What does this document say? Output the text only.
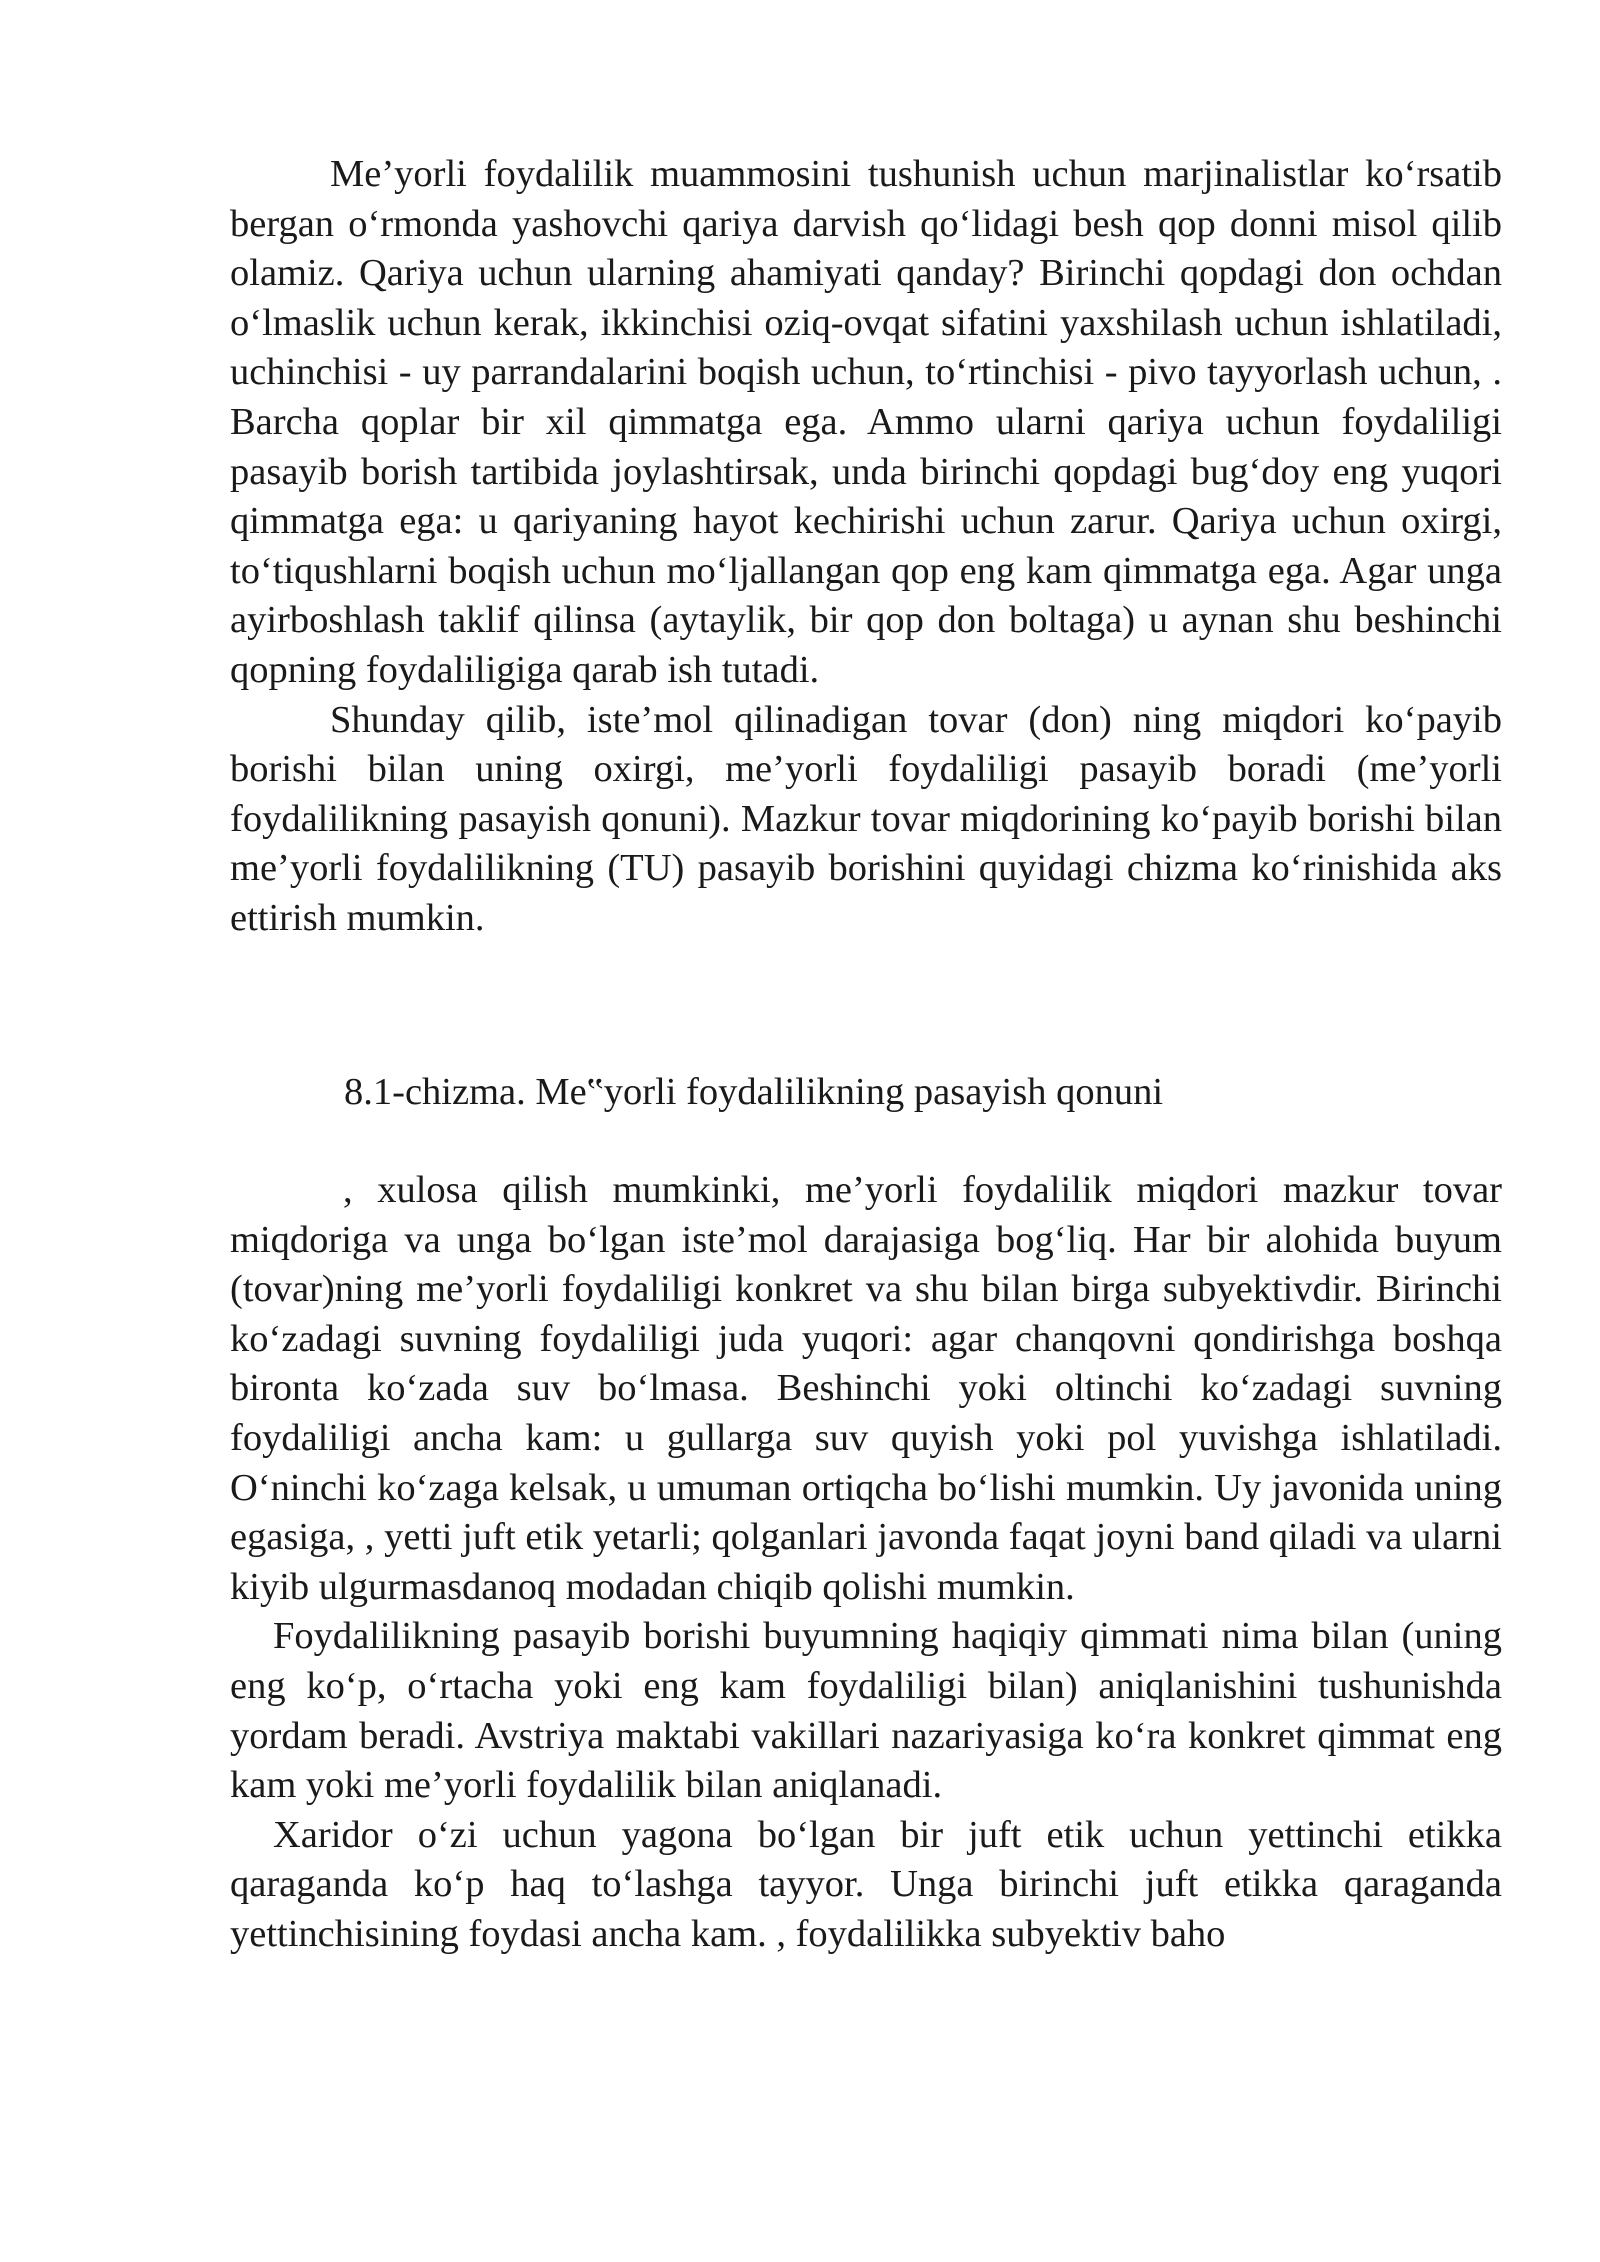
Me’yorli foydalilik muammosini tushunish uchun marjinalistlar ko‘rsatib bergan o‘rmonda yashovchi qariya darvish qo‘lidagi besh qop donni misol qilib olamiz. Qariya uchun ularning ahamiyati qanday? Birinchi qopdagi don ochdan o‘lmaslik uchun kerak, ikkinchisi oziq-ovqat sifatini yaxshilash uchun ishlatiladi, uchinchisi - uy parrandalarini boqish uchun, to‘rtinchisi - pivo tayyorlash uchun, . Barcha qoplar bir xil qimmatga ega. Ammo ularni qariya uchun foydaliligi pasayib borish tartibida joylashtirsak, unda birinchi qopdagi bug‘doy eng yuqori qimmatga ega: u qariyaning hayot kechirishi uchun zarur. Qariya uchun oxirgi, to‘tiqushlarni boqish uchun mo‘ljallangan qop eng kam qimmatga ega. Agar unga ayirboshlash taklif qilinsa (aytaylik, bir qop don boltaga) u aynan shu beshinchi qopning foydaliligiga qarab ish tutadi.

Shunday qilib, iste’mol qilinadigan tovar (don) ning miqdori ko‘payib borishi bilan uning oxirgi, me’yorli foydaliligi pasayib boradi (me’yorli foydalilikning pasayish qonuni). Mazkur tovar miqdorining ko‘payib borishi bilan me’yorli foydalilikning (TU) pasayib borishini quyidagi chizma ko‘rinishida aks ettirish mumkin.

8.1-chizma. Me‟yorli foydalilikning pasayish qonuni

, xulosa qilish mumkinki, me’yorli foydalilik miqdori mazkur tovar miqdoriga va unga bo‘lgan iste’mol darajasiga bog‘liq. Har bir alohida buyum (tovar)ning me’yorli foydaliligi konkret va shu bilan birga subyektivdir. Birinchi ko‘zadagi suvning foydaliligi juda yuqori: agar chanqovni qondirishga boshqa bironta ko‘zada suv bo‘lmasa. Beshinchi yoki oltinchi ko‘zadagi suvning foydaliligi ancha kam: u gullarga suv quyish yoki pol yuvishga ishlatiladi. O‘ninchi ko‘zaga kelsak, u umuman ortiqcha bo‘lishi mumkin. Uy javonida uning egasiga, , yetti juft etik yetarli; qolganlari javonda faqat joyni band qiladi va ularni kiyib ulgurmasdanoq modadan chiqib qolishi mumkin.

Foydalilikning pasayib borishi buyumning haqiqiy qimmati nima bilan (uning eng ko‘p, o‘rtacha yoki eng kam foydaliligi bilan) aniqlanishini tushunishda yordam beradi. Avstriya maktabi vakillari nazariyasiga ko‘ra konkret qimmat eng kam yoki me’yorli foydalilik bilan aniqlanadi.

Xaridor o‘zi uchun yagona bo‘lgan bir juft etik uchun yettinchi etikka qaraganda ko‘p haq to‘lashga tayyor. Unga birinchi juft etikka qaraganda yettinchisining foydasi ancha kam. , foydalilikka subyektiv baho
